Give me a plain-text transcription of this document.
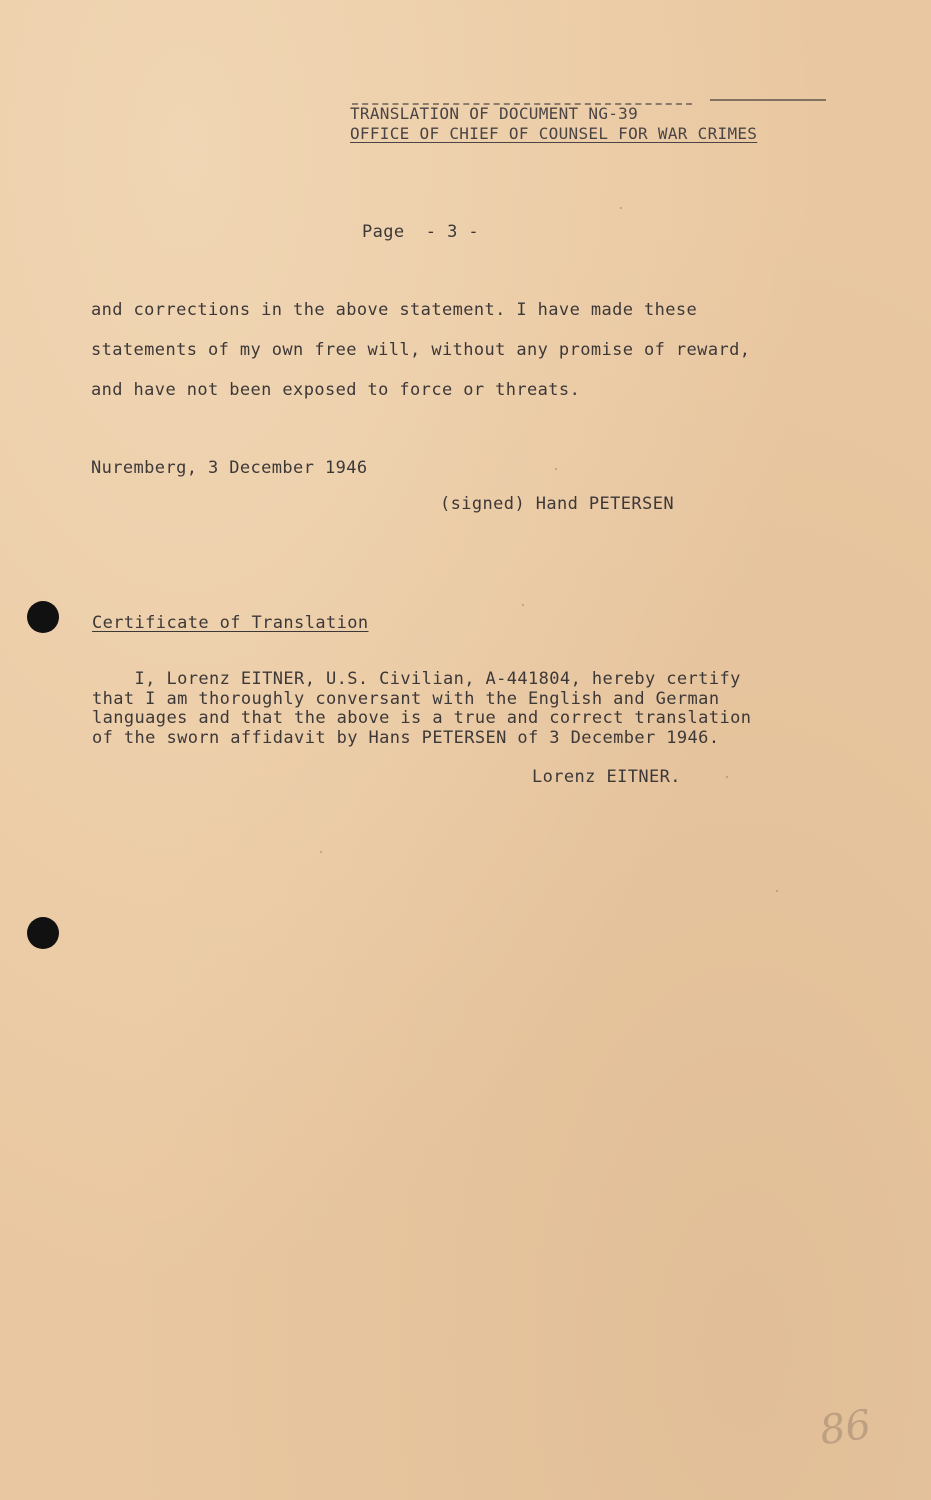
TRANSLATION OF DOCUMENT NG-39
OFFICE OF CHIEF OF COUNSEL FOR WAR CRIMES
Page  - 3 -
and corrections in the above statement. I have made these
statements of my own free will, without any promise of reward,
and have not been exposed to force or threats.
Nuremberg, 3 December 1946
(signed) Hand PETERSEN
Certificate of Translation
I, Lorenz EITNER, U.S. Civilian, A-441804, hereby certify
that I am thoroughly conversant with the English and German
languages and that the above is a true and correct translation
of the sworn affidavit by Hans PETERSEN of 3 December 1946.
Lorenz EITNER.
86
